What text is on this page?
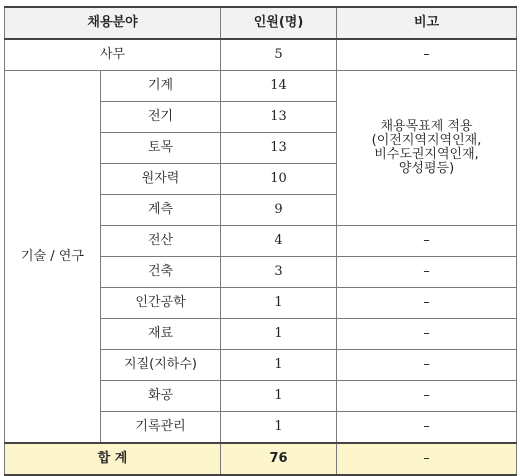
채용분야		인원(명)	비고
사무		5	–
기술 / 연구	기계	14	채용목표제 적용
(이전지역지역인재,
비수도권지역인재,
양성평등)

	전기	13	
	토목	13	
	원자력	10	
	계측	9	
	전산	4	–
	건축	3	–
	인간공학	1	–
	재료	1	–
	지질(지하수)	1	–
	화공	1	–
	기록관리	1	–
합 계		76	–
